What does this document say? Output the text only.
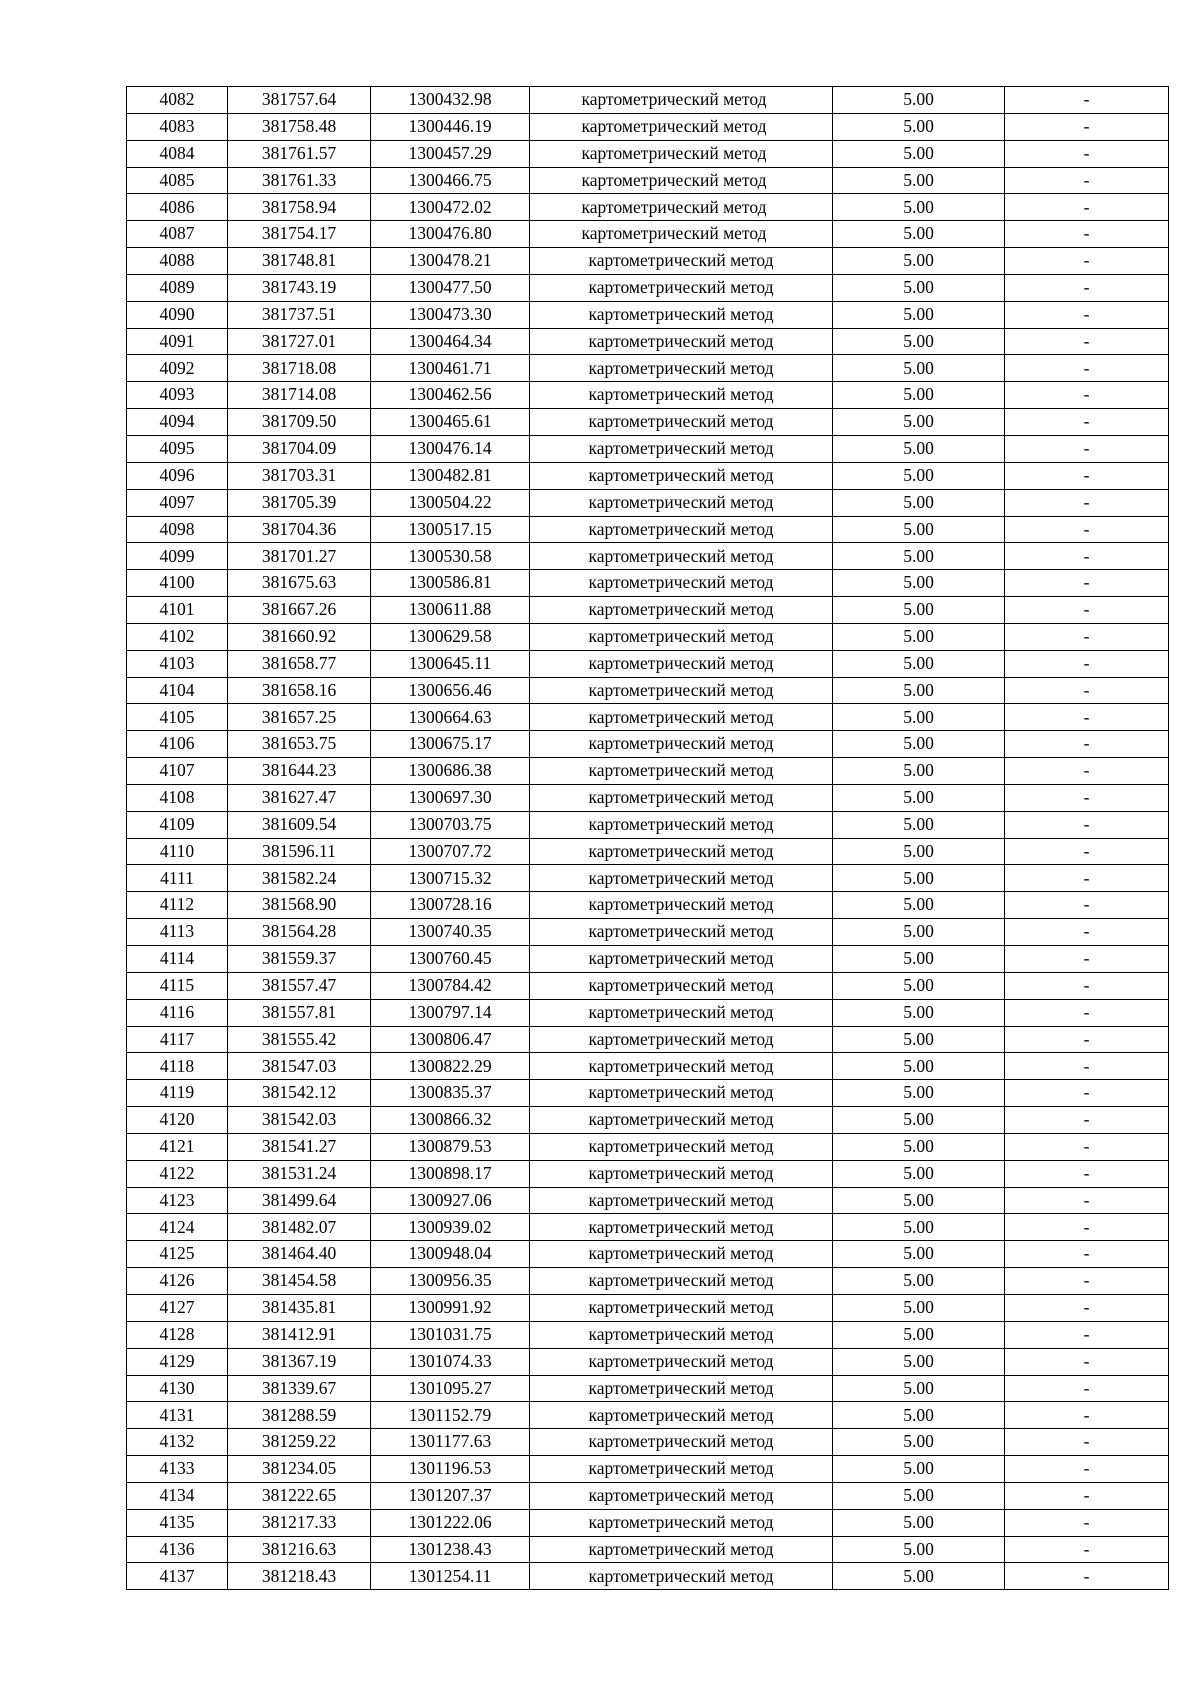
4082	381757.64	1300432.98	картометрический метод	5.00	-
4083	381758.48	1300446.19	картометрический метод	5.00	-
4084	381761.57	1300457.29	картометрический метод	5.00	-
4085	381761.33	1300466.75	картометрический метод	5.00	-
4086	381758.94	1300472.02	картометрический метод	5.00	-
4087	381754.17	1300476.80	картометрический метод	5.00	-
4088	381748.81	1300478.21	картометрический метод	5.00	-
4089	381743.19	1300477.50	картометрический метод	5.00	-
4090	381737.51	1300473.30	картометрический метод	5.00	-
4091	381727.01	1300464.34	картометрический метод	5.00	-
4092	381718.08	1300461.71	картометрический метод	5.00	-
4093	381714.08	1300462.56	картометрический метод	5.00	-
4094	381709.50	1300465.61	картометрический метод	5.00	-
4095	381704.09	1300476.14	картометрический метод	5.00	-
4096	381703.31	1300482.81	картометрический метод	5.00	-
4097	381705.39	1300504.22	картометрический метод	5.00	-
4098	381704.36	1300517.15	картометрический метод	5.00	-
4099	381701.27	1300530.58	картометрический метод	5.00	-
4100	381675.63	1300586.81	картометрический метод	5.00	-
4101	381667.26	1300611.88	картометрический метод	5.00	-
4102	381660.92	1300629.58	картометрический метод	5.00	-
4103	381658.77	1300645.11	картометрический метод	5.00	-
4104	381658.16	1300656.46	картометрический метод	5.00	-
4105	381657.25	1300664.63	картометрический метод	5.00	-
4106	381653.75	1300675.17	картометрический метод	5.00	-
4107	381644.23	1300686.38	картометрический метод	5.00	-
4108	381627.47	1300697.30	картометрический метод	5.00	-
4109	381609.54	1300703.75	картометрический метод	5.00	-
4110	381596.11	1300707.72	картометрический метод	5.00	-
4111	381582.24	1300715.32	картометрический метод	5.00	-
4112	381568.90	1300728.16	картометрический метод	5.00	-
4113	381564.28	1300740.35	картометрический метод	5.00	-
4114	381559.37	1300760.45	картометрический метод	5.00	-
4115	381557.47	1300784.42	картометрический метод	5.00	-
4116	381557.81	1300797.14	картометрический метод	5.00	-
4117	381555.42	1300806.47	картометрический метод	5.00	-
4118	381547.03	1300822.29	картометрический метод	5.00	-
4119	381542.12	1300835.37	картометрический метод	5.00	-
4120	381542.03	1300866.32	картометрический метод	5.00	-
4121	381541.27	1300879.53	картометрический метод	5.00	-
4122	381531.24	1300898.17	картометрический метод	5.00	-
4123	381499.64	1300927.06	картометрический метод	5.00	-
4124	381482.07	1300939.02	картометрический метод	5.00	-
4125	381464.40	1300948.04	картометрический метод	5.00	-
4126	381454.58	1300956.35	картометрический метод	5.00	-
4127	381435.81	1300991.92	картометрический метод	5.00	-
4128	381412.91	1301031.75	картометрический метод	5.00	-
4129	381367.19	1301074.33	картометрический метод	5.00	-
4130	381339.67	1301095.27	картометрический метод	5.00	-
4131	381288.59	1301152.79	картометрический метод	5.00	-
4132	381259.22	1301177.63	картометрический метод	5.00	-
4133	381234.05	1301196.53	картометрический метод	5.00	-
4134	381222.65	1301207.37	картометрический метод	5.00	-
4135	381217.33	1301222.06	картометрический метод	5.00	-
4136	381216.63	1301238.43	картометрический метод	5.00	-
4137	381218.43	1301254.11	картометрический метод	5.00	-
